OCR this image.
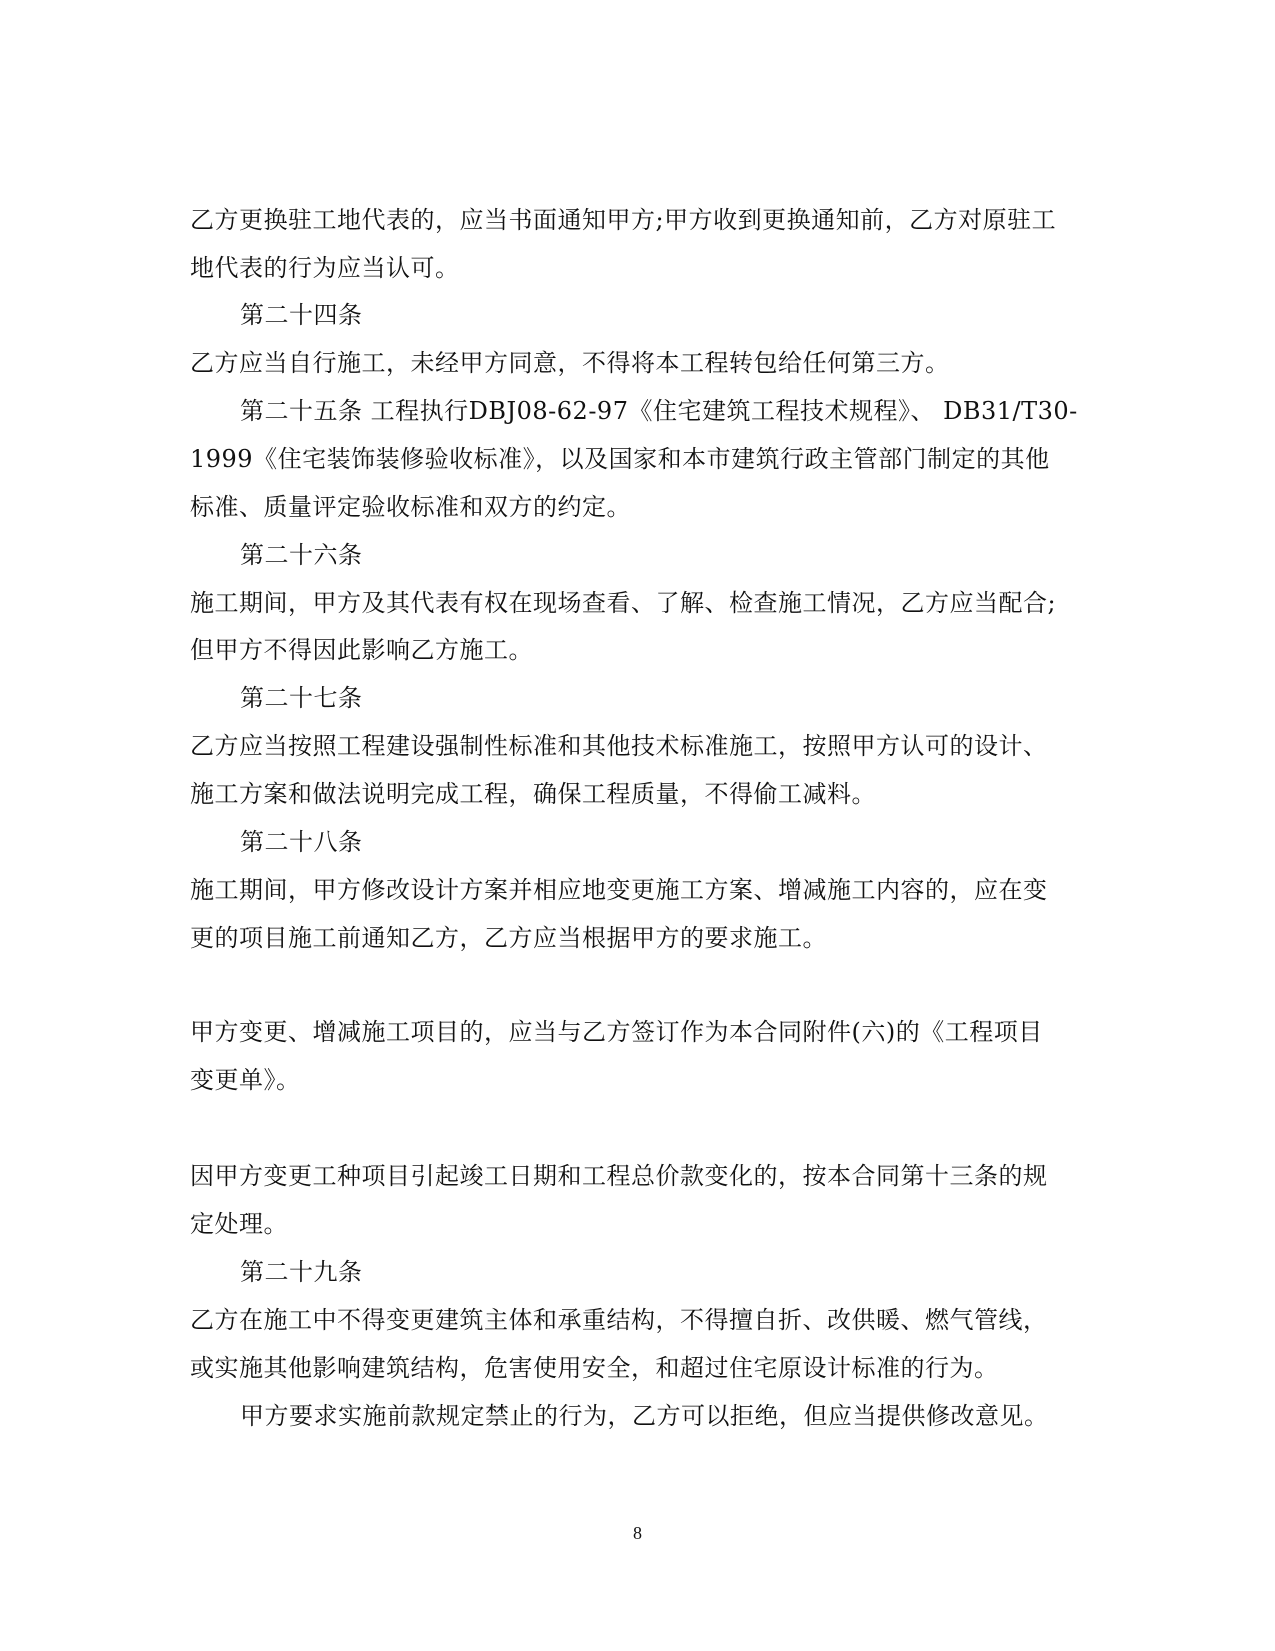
乙方更换驻工地代表的，应当书面通知甲方;甲方收到更换通知前，乙方对原驻工
地代表的行为应当认可。
第二十四条
乙方应当自行施工，未经甲方同意，不得将本工程转包给任何第三方。
第二十五条 工程执行DBJ08-62-97《住宅建筑工程技术规程》、 DB31/T30-
1999《住宅装饰装修验收标准》，以及国家和本市建筑行政主管部门制定的其他
标准、质量评定验收标准和双方的约定。
第二十六条
施工期间，甲方及其代表有权在现场查看、了解、检查施工情况，乙方应当配合;
但甲方不得因此影响乙方施工。
第二十七条
乙方应当按照工程建设强制性标准和其他技术标准施工，按照甲方认可的设计、
施工方案和做法说明完成工程，确保工程质量，不得偷工减料。
第二十八条
施工期间，甲方修改设计方案并相应地变更施工方案、增减施工内容的，应在变
更的项目施工前通知乙方，乙方应当根据甲方的要求施工。
甲方变更、增减施工项目的，应当与乙方签订作为本合同附件(六)的《工程项目
变更单》。
因甲方变更工种项目引起竣工日期和工程总价款变化的，按本合同第十三条的规
定处理。
第二十九条
乙方在施工中不得变更建筑主体和承重结构，不得擅自折、改供暖、燃气管线，
或实施其他影响建筑结构，危害使用安全，和超过住宅原设计标准的行为。
甲方要求实施前款规定禁止的行为，乙方可以拒绝，但应当提供修改意见。
8
